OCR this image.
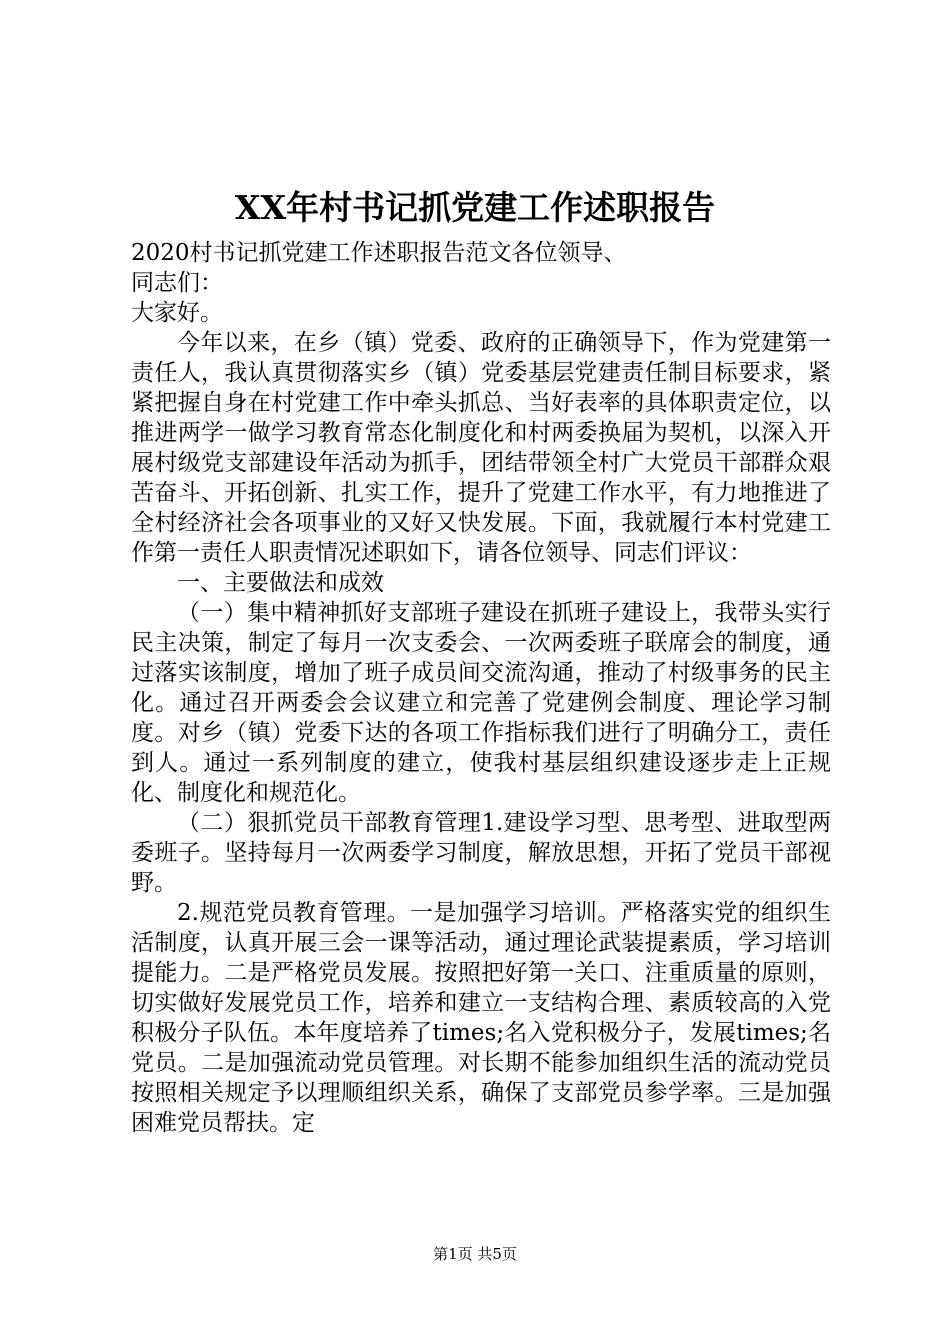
XX年村书记抓党建工作述职报告

2020村书记抓党建工作述职报告范文各位领导、

同志们：

大家好。

今年以来，在乡（镇）党委、政府的正确领导下，作为党建第一责任人，我认真贯彻落实乡（镇）党委基层党建责任制目标要求，紧紧把握自身在村党建工作中牵头抓总、当好表率的具体职责定位，以推进两学一做学习教育常态化制度化和村两委换届为契机，以深入开展村级党支部建设年活动为抓手，团结带领全村广大党员干部群众艰苦奋斗、开拓创新、扎实工作，提升了党建工作水平，有力地推进了全村经济社会各项事业的又好又快发展。下面，我就履行本村党建工作第一责任人职责情况述职如下，请各位领导、同志们评议：

一、主要做法和成效

（一）集中精神抓好支部班子建设在抓班子建设上，我带头实行民主决策，制定了每月一次支委会、一次两委班子联席会的制度，通过落实该制度，增加了班子成员间交流沟通，推动了村级事务的民主化。通过召开两委会会议建立和完善了党建例会制度、理论学习制度。对乡（镇）党委下达的各项工作指标我们进行了明确分工，责任到人。通过一系列制度的建立，使我村基层组织建设逐步走上正规化、制度化和规范化。

（二）狠抓党员干部教育管理1.建设学习型、思考型、进取型两委班子。坚持每月一次两委学习制度，解放思想，开拓了党员干部视野。

2.规范党员教育管理。一是加强学习培训。严格落实党的组织生活制度，认真开展三会一课等活动，通过理论武装提素质，学习培训提能力。二是严格党员发展。按照把好第一关口、注重质量的原则，切实做好发展党员工作，培养和建立一支结构合理、素质较高的入党积极分子队伍。本年度培养了times;名入党积极分子，发展times;名党员。二是加强流动党员管理。对长期不能参加组织生活的流动党员按照相关规定予以理顺组织关系，确保了支部党员参学率。三是加强困难党员帮扶。定

第1页 共5页
